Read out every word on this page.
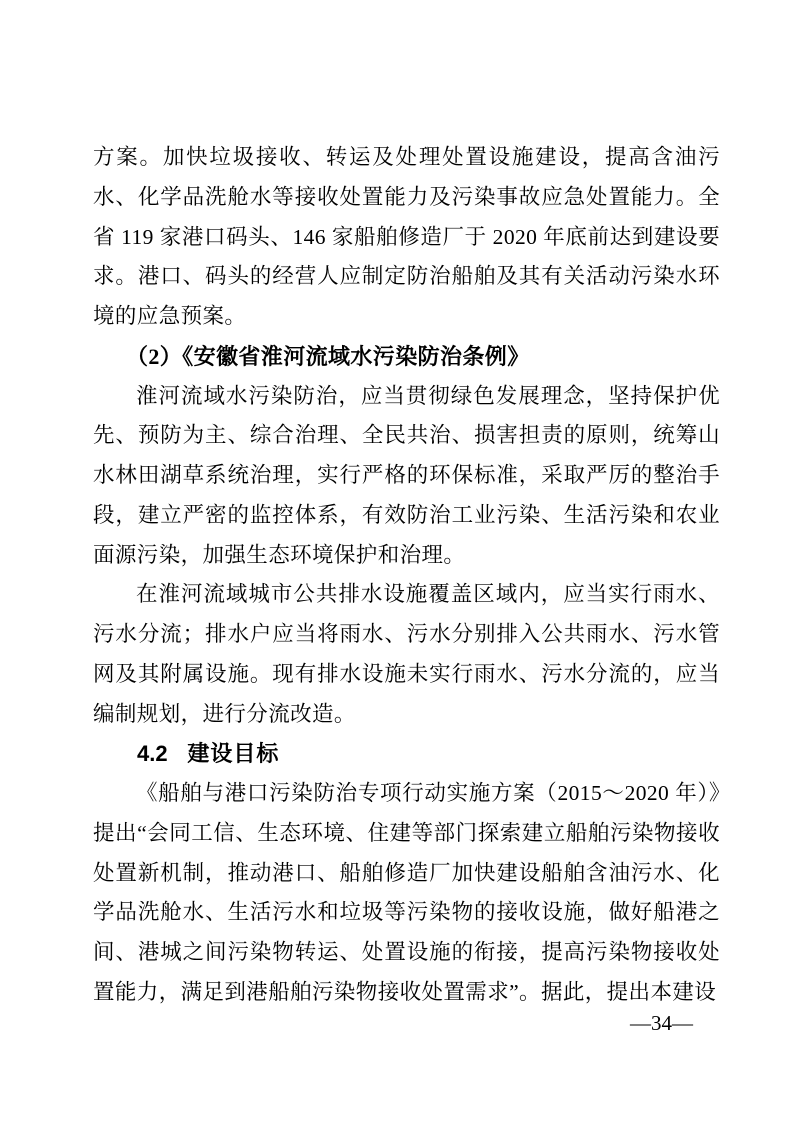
方案。加快垃圾接收、转运及处理处置设施建设，提高含油污水、化学品洗舱水等接收处置能力及污染事故应急处置能力。全省 119 家港口码头、146 家船舶修造厂于 2020 年底前达到建设要求。港口、码头的经营人应制定防治船舶及其有关活动污染水环境的应急预案。

（2）《安徽省淮河流域水污染防治条例》

淮河流域水污染防治，应当贯彻绿色发展理念，坚持保护优先、预防为主、综合治理、全民共治、损害担责的原则，统筹山水林田湖草系统治理，实行严格的环保标准，采取严厉的整治手段，建立严密的监控体系，有效防治工业污染、生活污染和农业面源污染，加强生态环境保护和治理。

在淮河流域城市公共排水设施覆盖区域内，应当实行雨水、污水分流；排水户应当将雨水、污水分别排入公共雨水、污水管网及其附属设施。现有排水设施未实行雨水、污水分流的，应当编制规划，进行分流改造。

4.2 建设目标

《船舶与港口污染防治专项行动实施方案（2015～2020 年）》提出“会同工信、生态环境、住建等部门探索建立船舶污染物接收处置新机制，推动港口、船舶修造厂加快建设船舶含油污水、化学品洗舱水、生活污水和垃圾等污染物的接收设施，做好船港之间、港城之间污染物转运、处置设施的衔接，提高污染物接收处置能力，满足到港船舶污染物接收处置需求”。据此，提出本建设

—34—
